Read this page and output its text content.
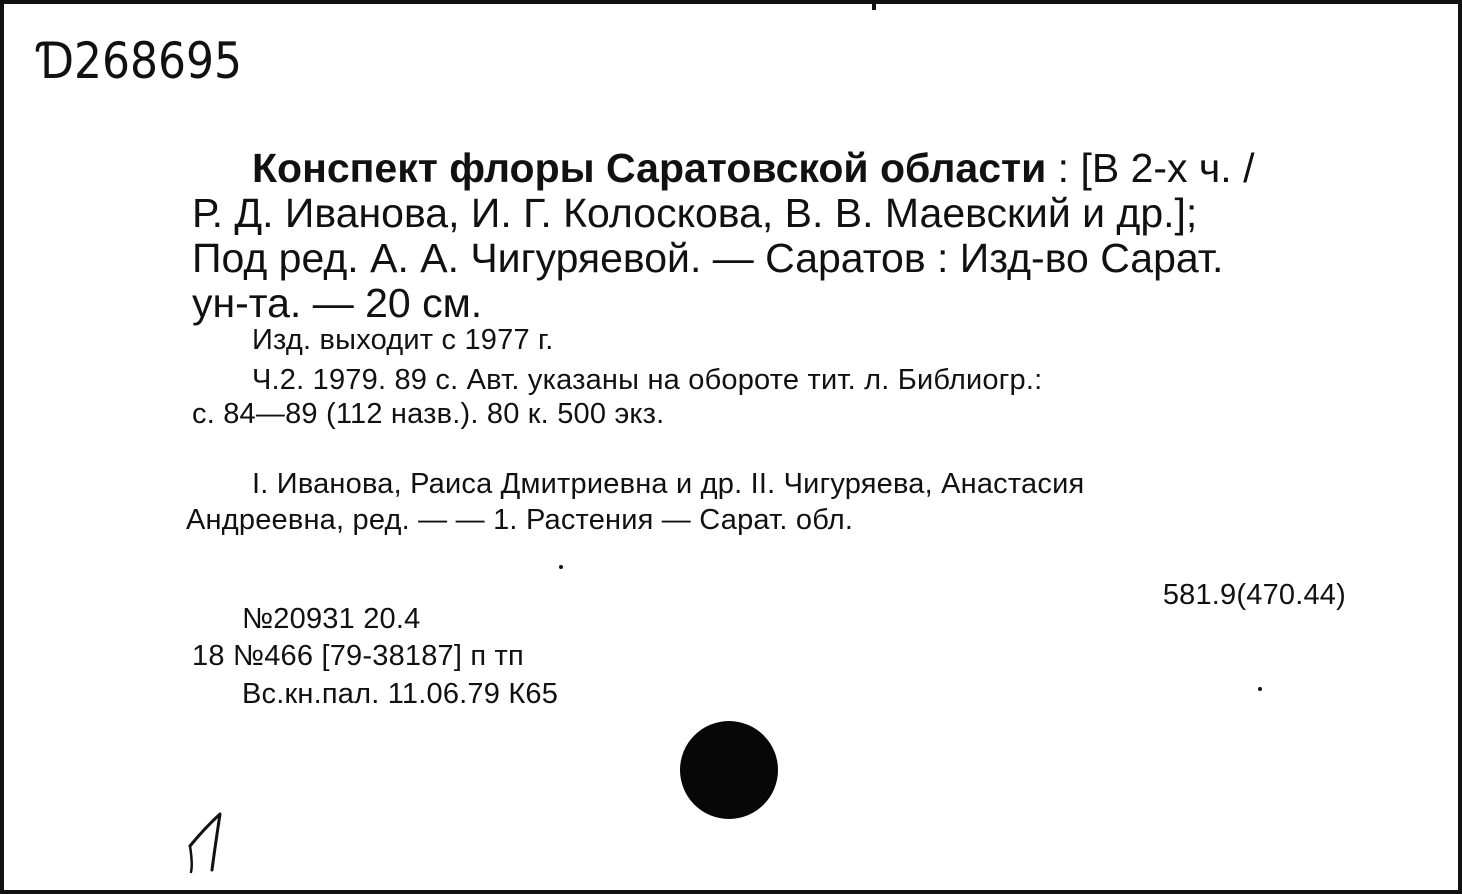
Ɗ268695
Конспект флоры Саратовской области : [В 2-х ч. /
Р. Д. Иванова, И. Г. Колоскова, В. В. Маевский и др.];
Под ред. А. А. Чигуряевой. — Саратов : Изд-во Сарат.
ун-та. — 20 см.
Изд. выходит с 1977 г.
Ч.2. 1979. 89 с. Авт. указаны на обороте тит. л. Библиогр.:
с. 84—89 (112 назв.). 80 к. 500 экз.
I. Иванова, Раиса Дмитриевна и др. II. Чигуряева, Анастасия
Андреевна, ред. — — 1. Растения — Сарат. обл.
581.9(470.44)
№20931 20.4
18 №466 [79-38187] п тп
Вс.кн.пал. 11.06.79 К65
